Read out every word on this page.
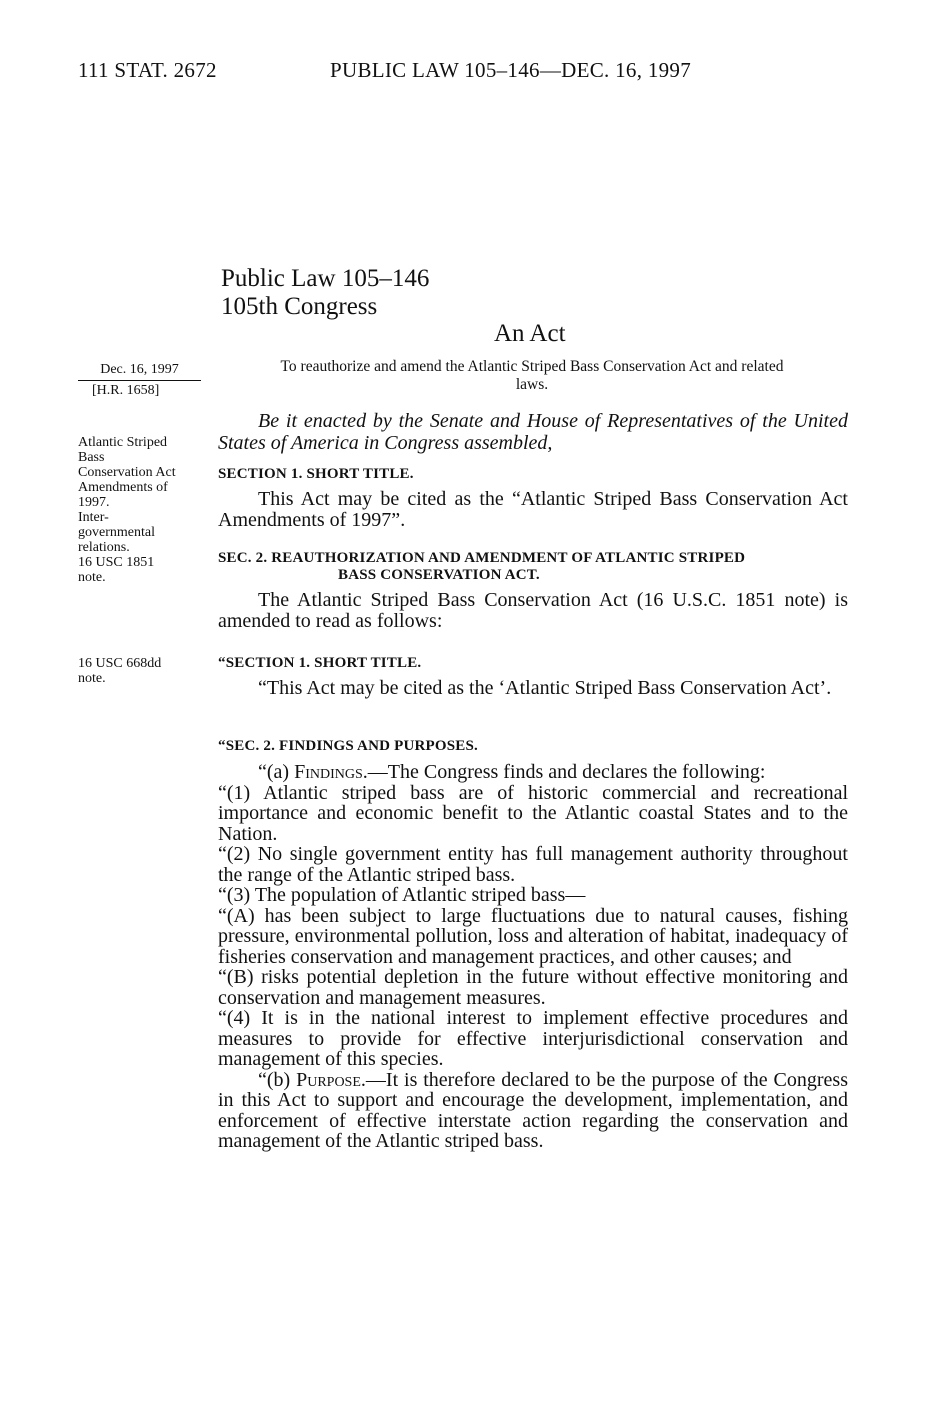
111 STAT. 2672	PUBLIC LAW 105–146—DEC. 16, 1997
Public Law 105–146
105th Congress
An Act
Dec. 16, 1997
[H.R. 1658]
Atlantic Striped
Bass
Conservation Act
Amendments of
1997.
Inter-
governmental
relations.
16 USC 1851
note.
16 USC 668dd
note.
To reauthorize and amend the Atlantic Striped Bass Conservation Act and related
laws.
Be it enacted by the Senate and House of Representatives of the United States of America in Congress assembled,
SECTION 1. SHORT TITLE.

This Act may be cited as the “Atlantic Striped Bass Conservation Act Amendments of 1997”.

SEC. 2. REAUTHORIZATION AND AMENDMENT OF ATLANTIC STRIPED
BASS CONSERVATION ACT.

The Atlantic Striped Bass Conservation Act (16 U.S.C. 1851 note) is amended to read as follows:

“SECTION 1. SHORT TITLE.

“This Act may be cited as the ‘Atlantic Striped Bass Conservation Act’.

“SEC. 2. FINDINGS AND PURPOSES.

“(a) Findings.—The Congress finds and declares the following:

“(1) Atlantic striped bass are of historic commercial and recreational importance and economic benefit to the Atlantic coastal States and to the Nation.

“(2) No single government entity has full management authority throughout the range of the Atlantic striped bass.

“(3) The population of Atlantic striped bass—

“(A) has been subject to large fluctuations due to natural causes, fishing pressure, environmental pollution, loss and alteration of habitat, inadequacy of fisheries conservation and management practices, and other causes; and

“(B) risks potential depletion in the future without effective monitoring and conservation and management measures.

“(4) It is in the national interest to implement effective procedures and measures to provide for effective interjurisdictional conservation and management of this species.

“(b) Purpose.—It is therefore declared to be the purpose of the Congress in this Act to support and encourage the development, implementation, and enforcement of effective interstate action regarding the conservation and management of the Atlantic striped bass.
